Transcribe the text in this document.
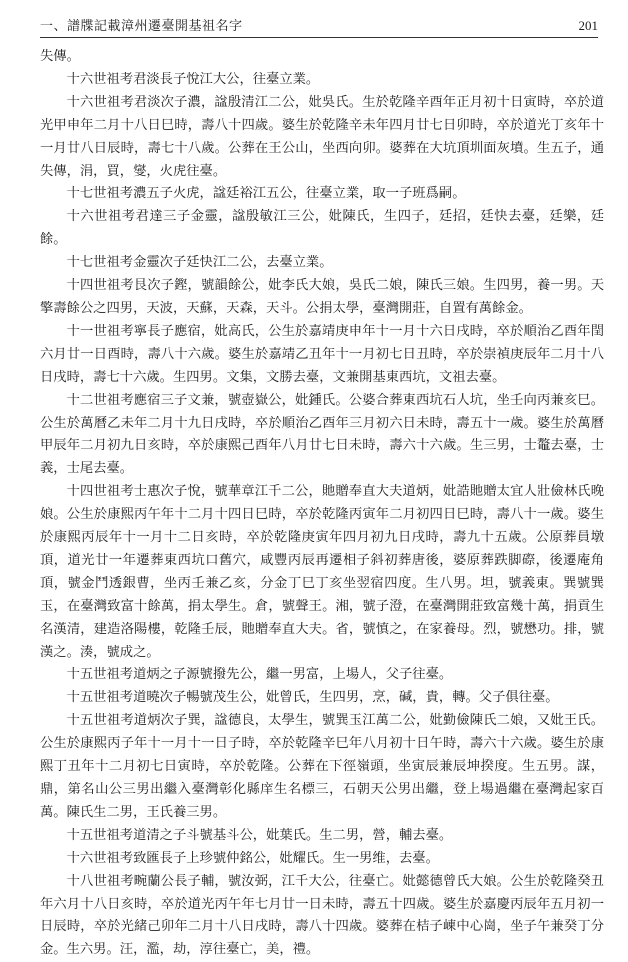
一、譜牒記載漳州遷臺開基祖名字	201

失傳。

十六世祖考君淡長子悅江大公，往臺立業。

十六世祖考君淡次子濃，諡殷清江二公，妣吳氏。生於乾隆辛酉年正月初十日寅時，卒於道光甲申年二月十八日巳時，壽八十四歲。婆生於乾隆辛未年四月廿七日卯時，卒於道光丁亥年十一月廿八日辰時，壽七十八歲。公葬在王公山，坐西向卯。婆葬在大坑頂圳面灰墳。生五子，通失傳，涓，買，燮，火虎往臺。

十七世祖考濃五子火虎，諡廷裕江五公，往臺立業，取一子班爲嗣。

十六世祖考君達三子金靈，諡殷敏江三公，妣陳氏，生四子，廷招，廷快去臺，廷樂，廷餘。

十七世祖考金靈次子廷快江二公，去臺立業。

十四世祖考艮次子鏗，號韻餘公，妣李氏大娘，吳氏二娘，陳氏三娘。生四男，養一男。天擎壽餘公之四男，天波，天蘇，天森，天斗。公捐太學，臺灣開莊，自置有萬餘金。

十一世祖考寧長子應宿，妣高氏，公生於嘉靖庚申年十一月十六日戌時，卒於順治乙酉年閏六月廿一日酉時，壽八十六歲。婆生於嘉靖乙丑年十一月初七日丑時，卒於崇禎庚辰年二月十八日戌時，壽七十六歲。生四男。文集，文勝去臺，文兼開基東西坑，文祖去臺。

十二世祖考應宿三子文兼，號壺嶽公，妣鍾氏。公婆合葬東西坑石人坑，坐壬向丙兼亥巳。公生於萬曆乙未年二月十九日戌時，卒於順治乙酉年三月初六日未時，壽五十一歲。婆生於萬曆甲辰年二月初九日亥時，卒於康熙己酉年八月廿七日未時，壽六十六歲。生三男，士鼇去臺，士義，士尾去臺。

十四世祖考士惠次子悅，號華章江千二公，貤贈奉直大夫道炳，妣誥貤贈太宜人壯儉林氏晚娘。公生於康熙丙午年十二月十四日巳時，卒於乾隆丙寅年二月初四日巳時，壽八十一歲。婆生於康熙丙辰年十一月十二日亥時，卒於乾隆庚寅年四月初九日戌時，壽九十五歲。公原葬員墩頂，道光廿一年遷葬東西坑口舊穴，咸豐丙辰再遷相子斜初葬唐後，婆原葬跌脚磜，後遷庵角頂，號金鬥透銀曹，坐丙壬兼乙亥，分金丁巳丁亥坐翌宿四度。生八男。坦，號義東。巽號巽玉，在臺灣致富十餘萬，捐太學生。倉，號聲王。湘，號子澄，在臺灣開莊致富幾十萬，捐貢生名漢清，建造洛陽樓，乾隆壬辰，貤贈奉直大夫。省，號慎之，在家養母。烈，號懋功。排，號漢之。湊，號成之。

十五世祖考道炳之子源號撥先公，繼一男富，上場人，父子往臺。

十五世祖考道曉次子暢號茂生公，妣曾氏，生四男，烹，碱，貴，轉。父子俱往臺。

十五世祖考道炳次子巽，諡德良，太學生，號巽玉江萬二公，妣勤儉陳氏二娘，又妣王氏。公生於康熙丙子年十一月十一日子時，卒於乾隆辛巳年八月初十日午時，壽六十六歲。婆生於康熙丁丑年十二月初七日寅時，卒於乾隆。公葬在下徑嶺頭，坐寅辰兼辰坤揆度。生五男。謀，鼎，第名山公三男出繼入臺灣彰化縣庠生名標三，石朝天公男出繼，登上場過繼在臺灣起家百萬。陳氏生二男，王氏養三男。

十五世祖考道清之子斗號基斗公，妣葉氏。生二男，營，輔去臺。

十六世祖考致匯長子上珍號仲銘公，妣耀氏。生一男维，去臺。

十八世祖考畹蘭公長子輔，號汝弼，江千大公，往臺亡。妣懿德曾氏大娘。公生於乾隆癸丑年六月十八日亥時，卒於道光丙午年七月廿一日未時，壽五十四歲。婆生於嘉慶丙辰年五月初一日辰時，卒於光緒己卯年二月十八日戌時，壽八十四歲。婆葬在桔子崠中心崗，坐子午兼癸丁分金。生六男。汪，濫，劫，淳往臺亡，美，禮。
